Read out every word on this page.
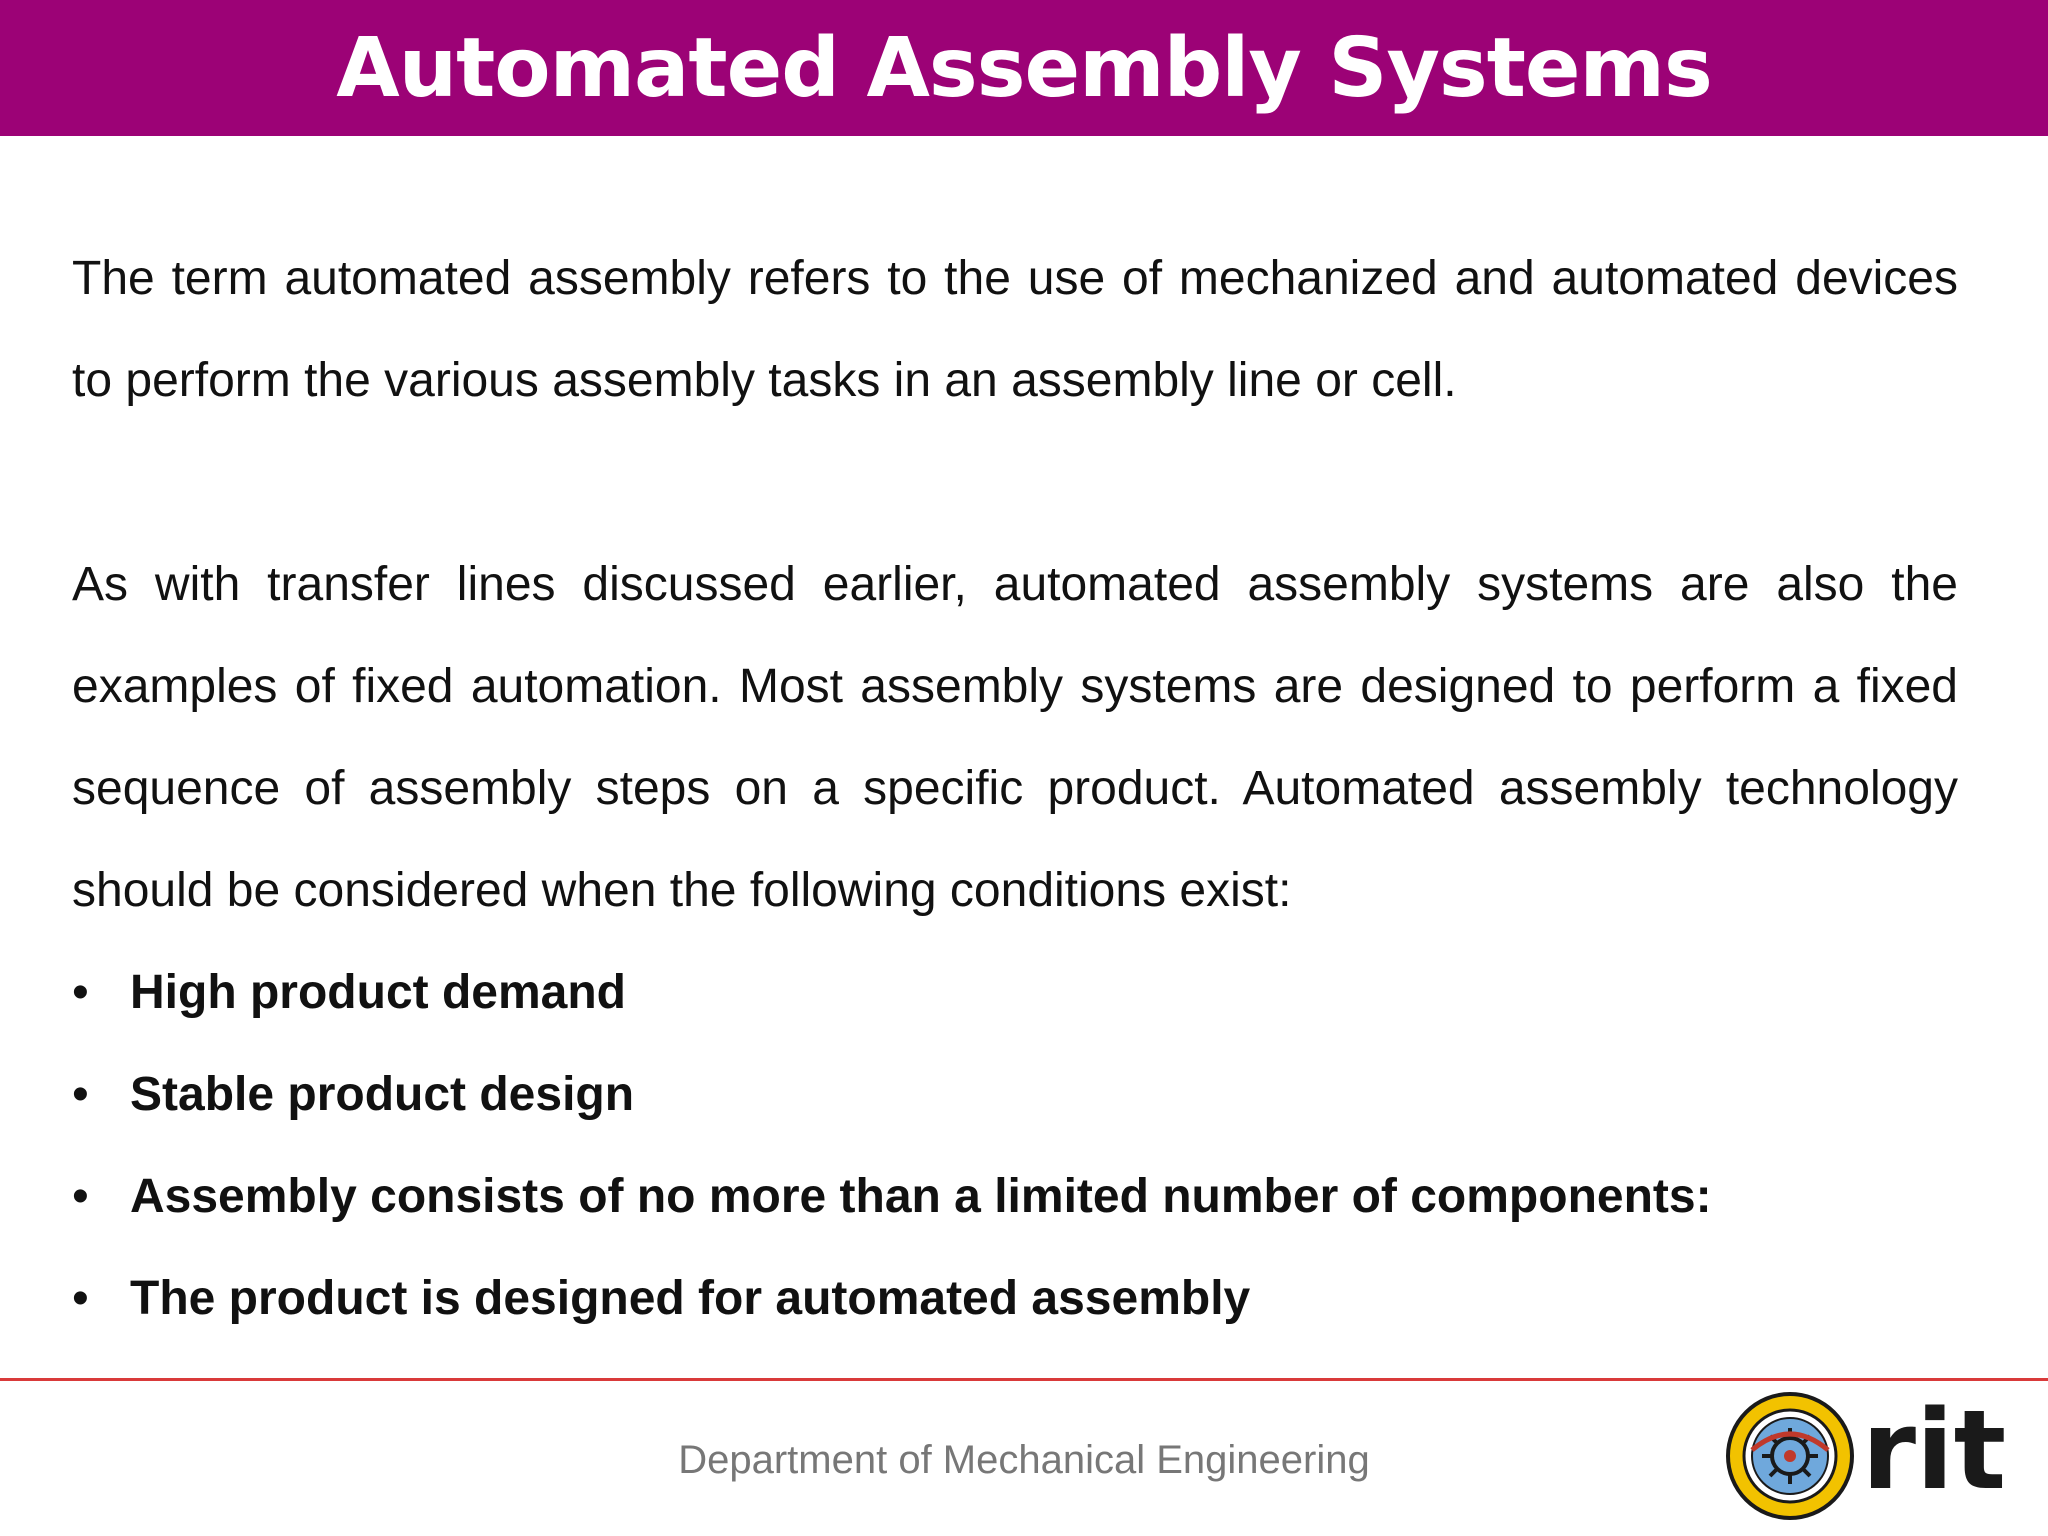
Automated Assembly Systems

The term automated assembly refers to the use of mechanized and automated devices to perform the various assembly tasks in an assembly line or cell.

As with transfer lines discussed earlier, automated assembly systems are also the examples of fixed automation. Most assembly systems are designed to perform a fixed sequence of assembly steps on a specific product. Automated assembly technology should be considered when the following conditions exist:

• High product demand
• Stable product design
• Assembly consists of no more than a limited number of components:
• The product is designed for automated assembly
Department of Mechanical Engineering	rit
